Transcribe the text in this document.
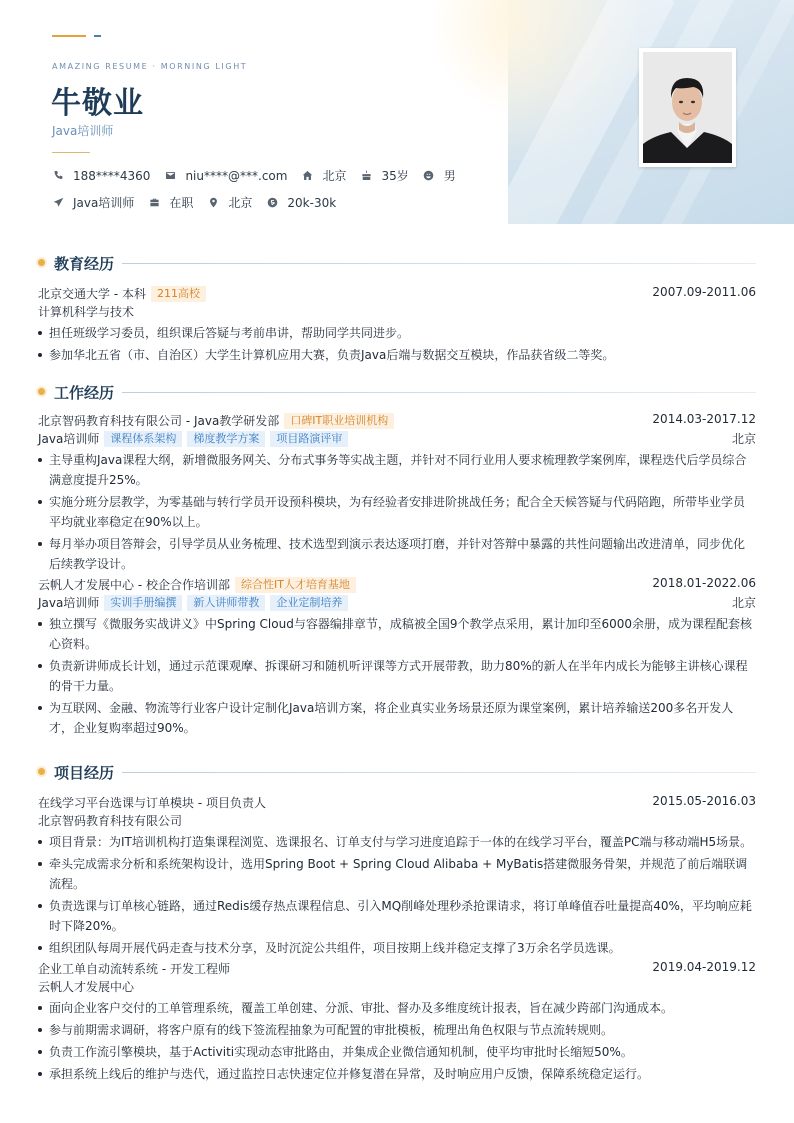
AMAZING RESUME · MORNING LIGHT
牛敬业
Java培训师
188****4360	niu****@***.com	北京	35岁	男
Java培训师	在职	北京	20k-30k
教育经历
北京交通大学 - 本科	211高校	2007.09-2011.06
计算机科学与技术
担任班级学习委员，组织课后答疑与考前串讲，帮助同学共同进步。
参加华北五省（市、自治区）大学生计算机应用大赛，负责Java后端与数据交互模块，作品获省级二等奖。
工作经历
北京智码教育科技有限公司 - Java教学研发部	口碑IT职业培训机构	2014.03-2017.12
Java培训师	课程体系架构	梯度教学方案	项目路演评审	北京
主导重构Java课程大纲，新增微服务网关、分布式事务等实战主题，并针对不同行业用人要求梳理教学案例库，课程迭代后学员综合满意度提升25%。
实施分班分层教学，为零基础与转行学员开设预科模块，为有经验者安排进阶挑战任务；配合全天候答疑与代码陪跑，所带毕业学员平均就业率稳定在90%以上。
每月举办项目答辩会，引导学员从业务梳理、技术选型到演示表达逐项打磨，并针对答辩中暴露的共性问题输出改进清单，同步优化后续教学设计。
云帆人才发展中心 - 校企合作培训部	综合性IT人才培育基地	2018.01-2022.06
Java培训师	实训手册编撰	新人讲师带教	企业定制培养	北京
独立撰写《微服务实战讲义》中Spring Cloud与容器编排章节，成稿被全国9个教学点采用，累计加印至6000余册，成为课程配套核心资料。
负责新讲师成长计划，通过示范课观摩、拆课研习和随机听评课等方式开展带教，助力80%的新人在半年内成长为能够主讲核心课程的骨干力量。
为互联网、金融、物流等行业客户设计定制化Java培训方案，将企业真实业务场景还原为课堂案例，累计培养输送200多名开发人才，企业复购率超过90%。
项目经历
在线学习平台选课与订单模块 - 项目负责人	2015.05-2016.03
北京智码教育科技有限公司
项目背景：为IT培训机构打造集课程浏览、选课报名、订单支付与学习进度追踪于一体的在线学习平台，覆盖PC端与移动端H5场景。
牵头完成需求分析和系统架构设计，选用Spring Boot + Spring Cloud Alibaba + MyBatis搭建微服务骨架，并规范了前后端联调流程。
负责选课与订单核心链路，通过Redis缓存热点课程信息、引入MQ削峰处理秒杀抢课请求，将订单峰值吞吐量提高40%，平均响应耗时下降20%。
组织团队每周开展代码走查与技术分享，及时沉淀公共组件，项目按期上线并稳定支撑了3万余名学员选课。
企业工单自动流转系统 - 开发工程师	2019.04-2019.12
云帆人才发展中心
面向企业客户交付的工单管理系统，覆盖工单创建、分派、审批、督办及多维度统计报表，旨在减少跨部门沟通成本。
参与前期需求调研，将客户原有的线下签流程抽象为可配置的审批模板，梳理出角色权限与节点流转规则。
负责工作流引擎模块，基于Activiti实现动态审批路由，并集成企业微信通知机制，使平均审批时长缩短50%。
承担系统上线后的维护与迭代，通过监控日志快速定位并修复潜在异常，及时响应用户反馈，保障系统稳定运行。
